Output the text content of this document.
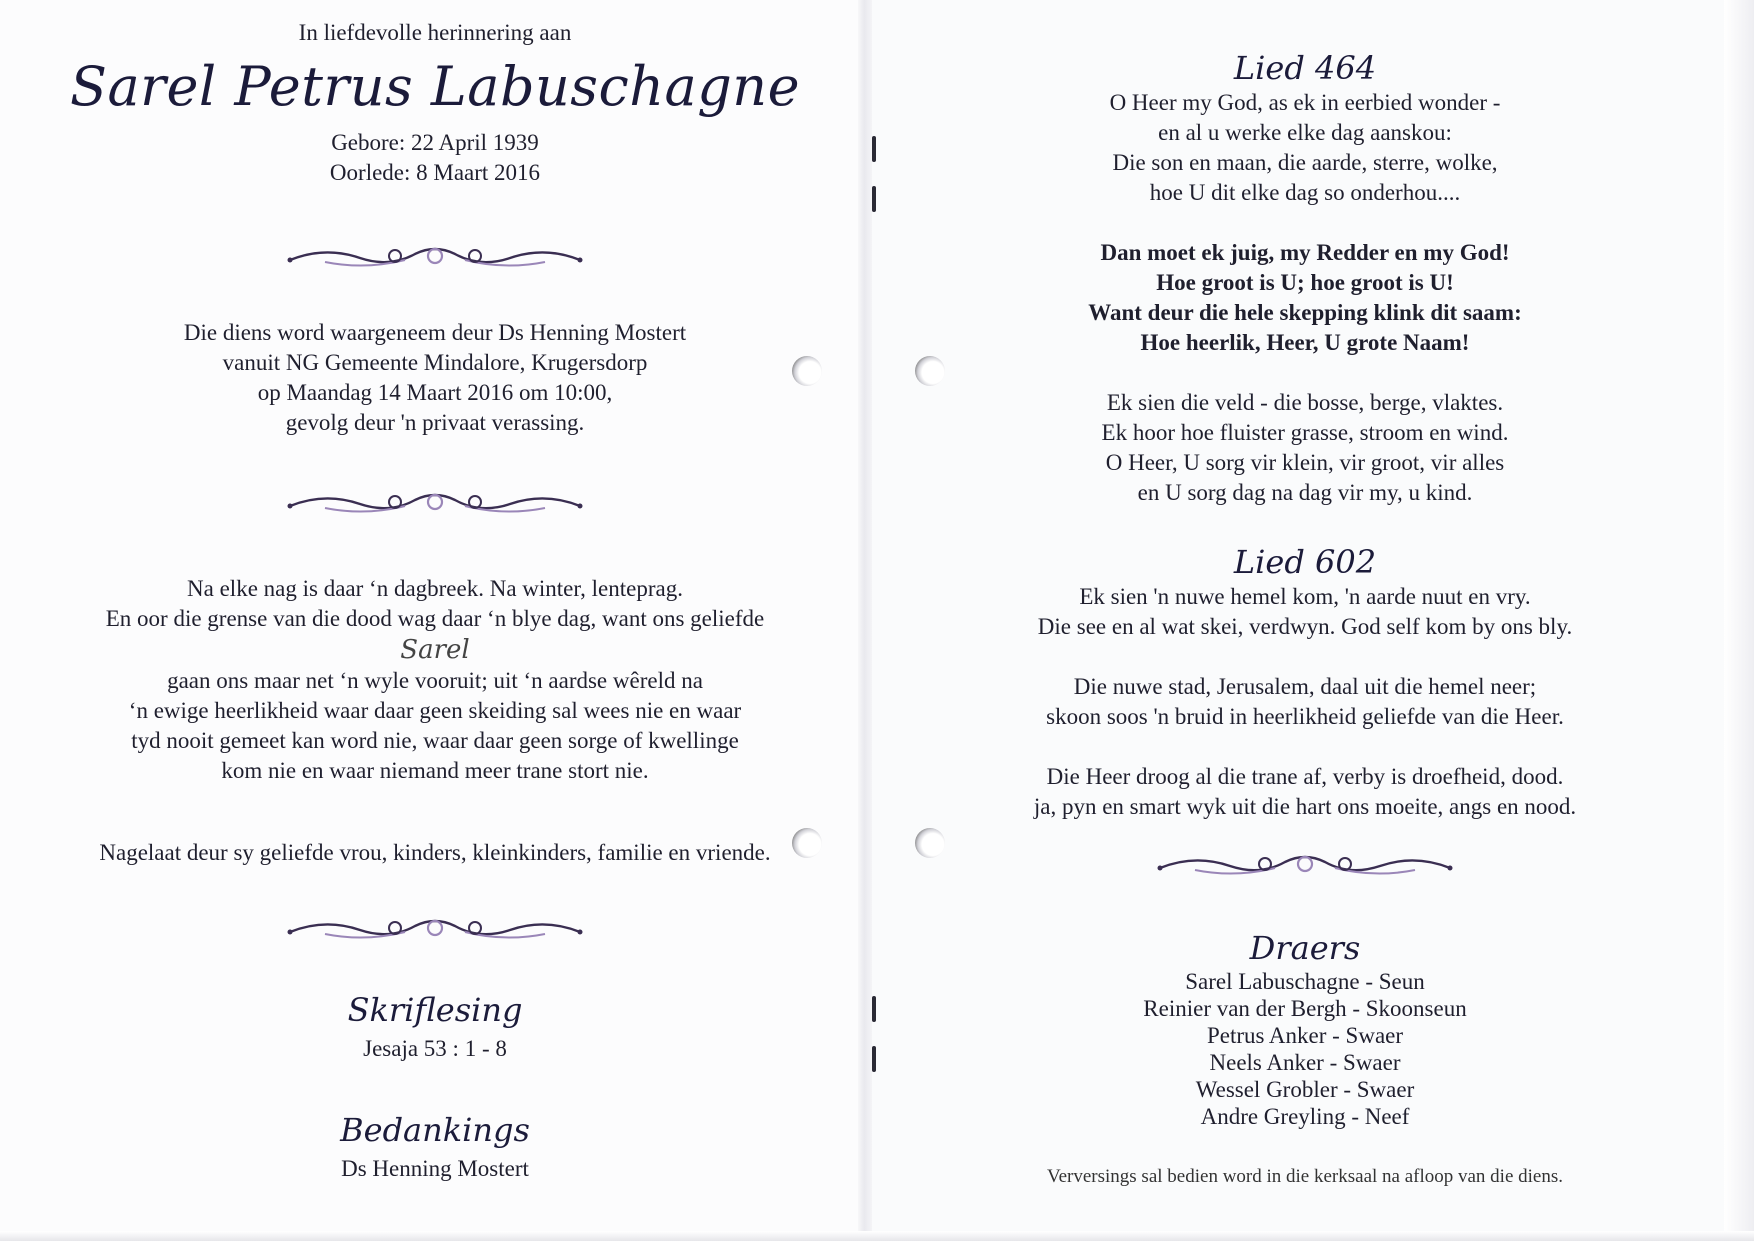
In liefdevolle herinnering aan
Sarel Petrus Labuschagne
Gebore: 22 April 1939
Oorlede: 8 Maart 2016
Die diens word waargeneem deur Ds Henning Mostert
vanuit NG Gemeente Mindalore, Krugersdorp
op Maandag 14 Maart 2016 om 10:00,
gevolg deur 'n privaat verassing.
Na elke nag is daar ‘n dagbreek. Na winter, lenteprag.
En oor die grense van die dood wag daar ‘n blye dag, want ons geliefde
Sarel
gaan ons maar net ‘n wyle vooruit; uit ‘n aardse wêreld na
‘n ewige heerlikheid waar daar geen skeiding sal wees nie en waar
tyd nooit gemeet kan word nie, waar daar geen sorge of kwellinge
kom nie en waar niemand meer trane stort nie.
Nagelaat deur sy geliefde vrou, kinders, kleinkinders, familie en vriende.
Skriflesing
Jesaja 53 : 1 - 8
Bedankings
Ds Henning Mostert
Lied 464
O Heer my God, as ek in eerbied wonder -
en al u werke elke dag aanskou:
Die son en maan, die aarde, sterre, wolke,
hoe U dit elke dag so onderhou....
Dan moet ek juig, my Redder en my God!
Hoe groot is U; hoe groot is U!
Want deur die hele skepping klink dit saam:
Hoe heerlik, Heer, U grote Naam!
Ek sien die veld - die bosse, berge, vlaktes.
Ek hoor hoe fluister grasse, stroom en wind.
O Heer, U sorg vir klein, vir groot, vir alles
en U sorg dag na dag vir my, u kind.
Lied 602
Ek sien 'n nuwe hemel kom, 'n aarde nuut en vry.
Die see en al wat skei, verdwyn. God self kom by ons bly.
Die nuwe stad, Jerusalem, daal uit die hemel neer;
skoon soos 'n bruid in heerlikheid geliefde van die Heer.
Die Heer droog al die trane af, verby is droefheid, dood.
ja, pyn en smart wyk uit die hart ons moeite, angs en nood.
Draers
Sarel Labuschagne - Seun
Reinier van der Bergh - Skoonseun
Petrus Anker - Swaer
Neels Anker - Swaer
Wessel Grobler - Swaer
Andre Greyling - Neef
Verversings sal bedien word in die kerksaal na afloop van die diens.
